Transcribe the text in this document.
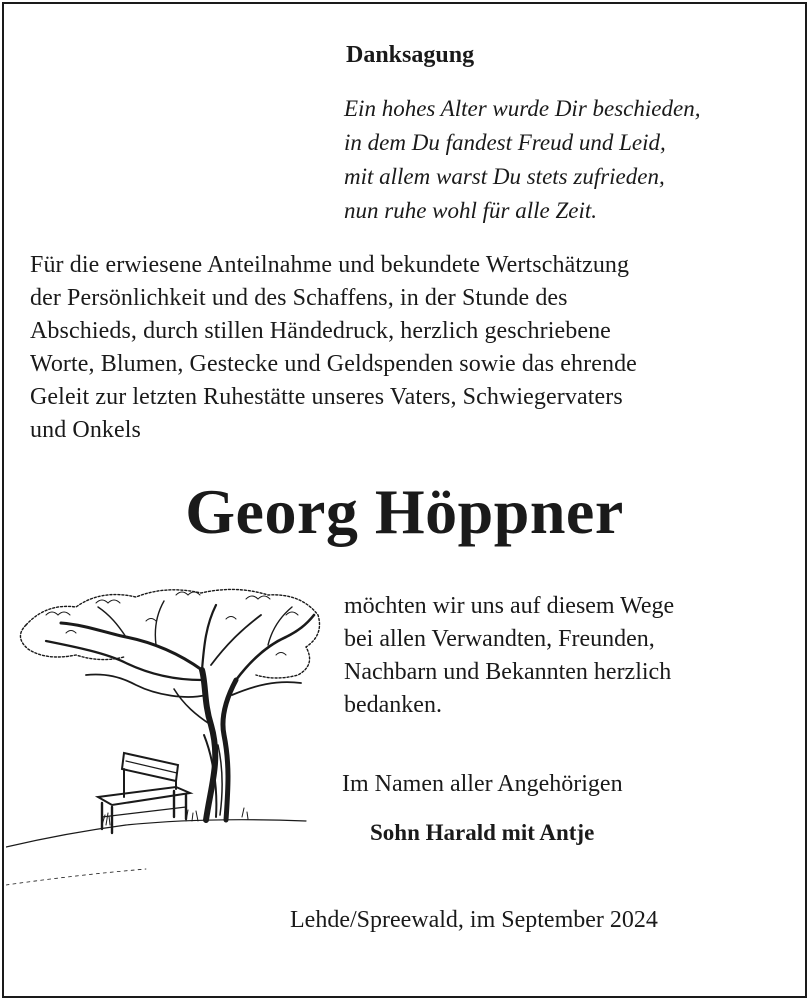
Danksagung

Ein hohes Alter wurde Dir beschieden,
in dem Du fandest Freud und Leid,
mit allem warst Du stets zufrieden,
nun ruhe wohl für alle Zeit.
Für die erwiesene Anteilnahme und bekundete Wertschätzung
der Persönlichkeit und des Schaffens, in der Stunde des
Abschieds, durch stillen Händedruck, herzlich geschriebene
Worte, Blumen, Gestecke und Geldspenden sowie das ehrende
Geleit zur letzten Ruhestätte unseres Vaters, Schwiegervaters
und Onkels
Georg Höppner
möchten wir uns auf diesem Wege
bei allen Verwandten, Freunden,
Nachbarn und Bekannten herzlich
bedanken.

Im Namen aller Angehörigen

Sohn Harald mit Antje

Lehde/Spreewald, im September 2024
